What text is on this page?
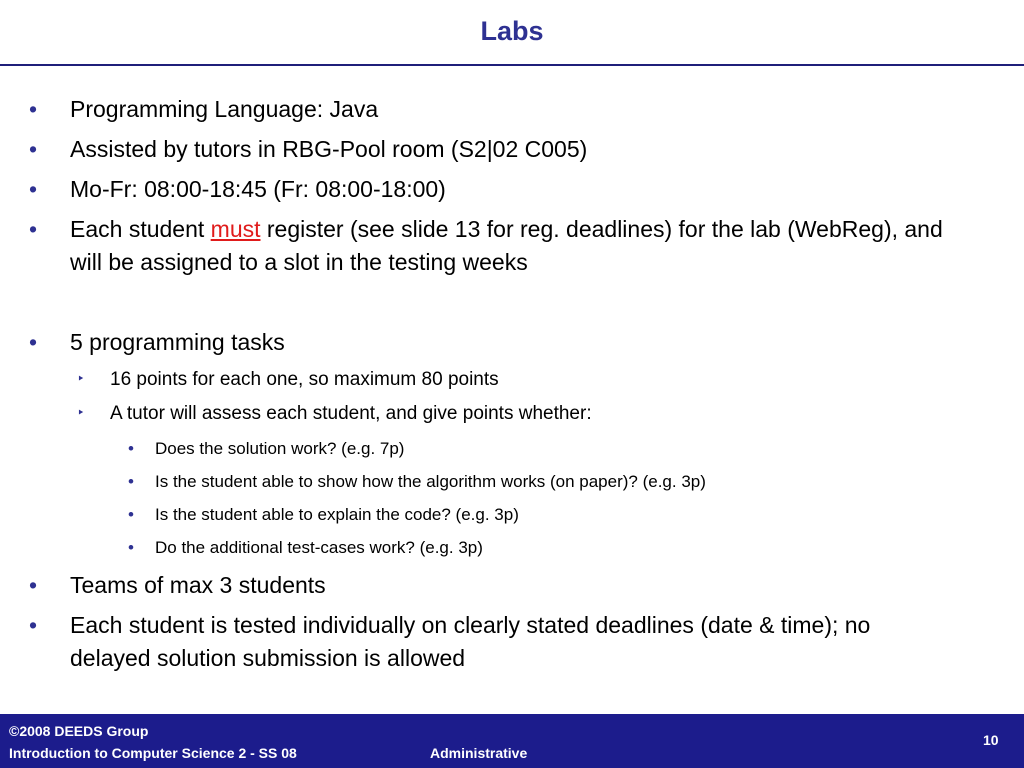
Labs
• Programming Language: Java
• Assisted by tutors in RBG-Pool room (S2|02 C005)
• Mo-Fr: 08:00-18:45 (Fr: 08:00-18:00)
• Each student must register (see slide 13 for reg. deadlines) for the lab (WebReg), and will be assigned to a slot in the testing weeks
• 5 programming tasks
‣ 16 points for each one, so maximum 80 points
‣ A tutor will assess each student, and give points whether:
• Does the solution work? (e.g. 7p)
• Is the student able to show how the algorithm works (on paper)? (e.g. 3p)
• Is the student able to explain the code? (e.g. 3p)
• Do the additional test-cases work? (e.g. 3p)
• Teams of max 3 students
• Each student is tested individually on clearly stated deadlines (date & time); no delayed solution submission is allowed
©2008 DEEDS Group
Introduction to Computer Science 2 - SS 08	Administrative
10
